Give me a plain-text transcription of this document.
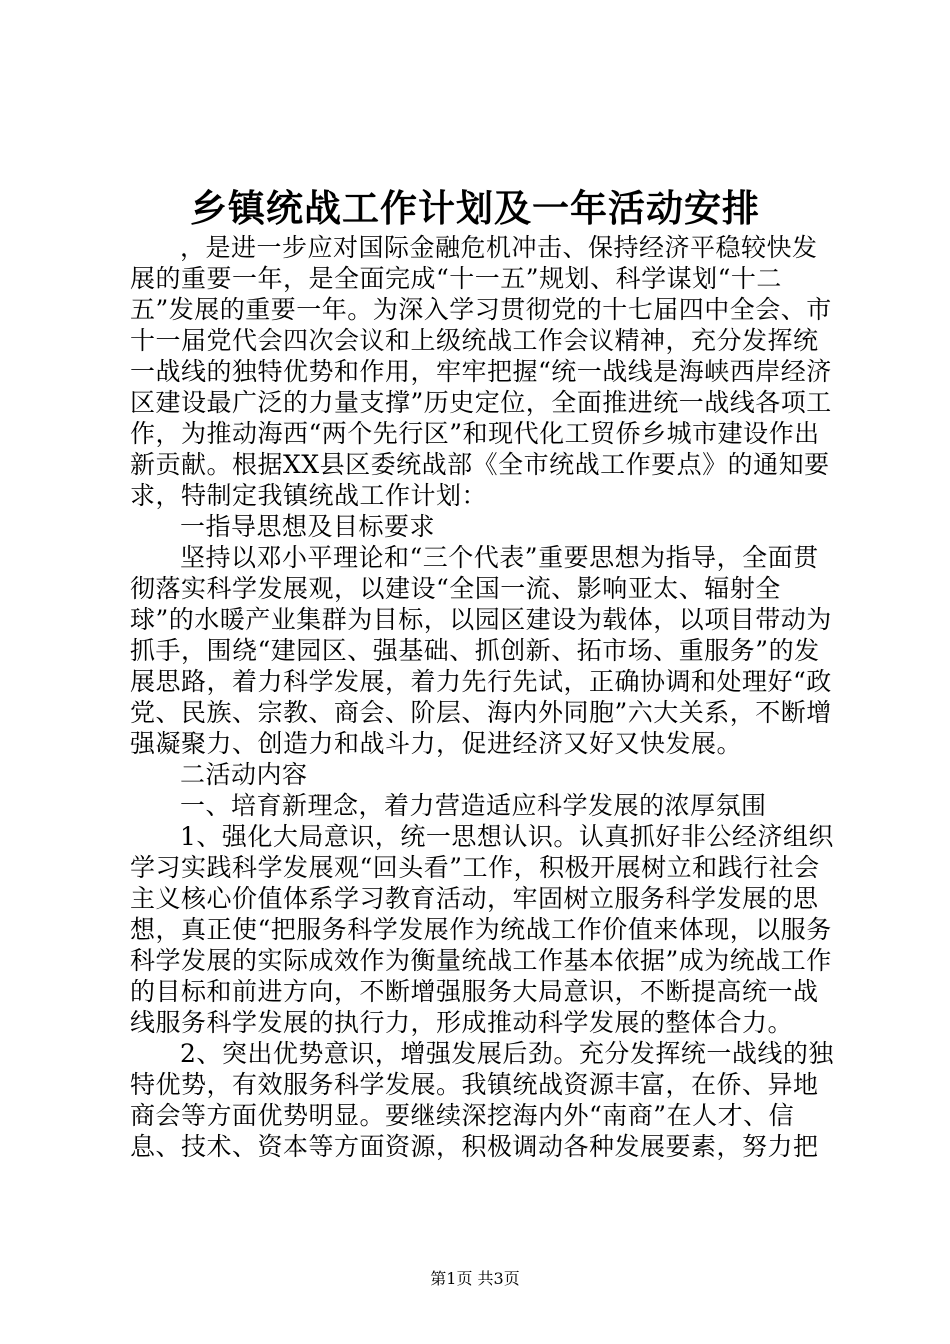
乡镇统战工作计划及一年活动安排

，是进一步应对国际金融危机冲击、保持经济平稳较快发展的重要一年，是全面完成“十一五”规划、科学谋划“十二五”发展的重要一年。为深入学习贯彻党的十七届四中全会、市十一届党代会四次会议和上级统战工作会议精神，充分发挥统一战线的独特优势和作用，牢牢把握“统一战线是海峡西岸经济区建设最广泛的力量支撑”历史定位，全面推进统一战线各项工作，为推动海西“两个先行区”和现代化工贸侨乡城市建设作出新贡献。根据XX县区委统战部《全市统战工作要点》的通知要求，特制定我镇统战工作计划：

一指导思想及目标要求

坚持以邓小平理论和“三个代表”重要思想为指导，全面贯彻落实科学发展观，以建设“全国一流、影响亚太、辐射全球”的水暖产业集群为目标，以园区建设为载体，以项目带动为抓手，围绕“建园区、强基础、抓创新、拓市场、重服务”的发展思路，着力科学发展，着力先行先试，正确协调和处理好“政党、民族、宗教、商会、阶层、海内外同胞”六大关系，不断增强凝聚力、创造力和战斗力，促进经济又好又快发展。

二活动内容

一、培育新理念，着力营造适应科学发展的浓厚氛围

1、强化大局意识，统一思想认识。认真抓好非公经济组织学习实践科学发展观“回头看”工作，积极开展树立和践行社会主义核心价值体系学习教育活动，牢固树立服务科学发展的思想，真正使“把服务科学发展作为统战工作价值来体现，以服务科学发展的实际成效作为衡量统战工作基本依据”成为统战工作的目标和前进方向，不断增强服务大局意识，不断提高统一战线服务科学发展的执行力，形成推动科学发展的整体合力。

2、突出优势意识，增强发展后劲。充分发挥统一战线的独特优势，有效服务科学发展。我镇统战资源丰富，在侨、异地商会等方面优势明显。要继续深挖海内外“南商”在人才、信息、技术、资本等方面资源，积极调动各种发展要素，努力把

第1页 共3页
